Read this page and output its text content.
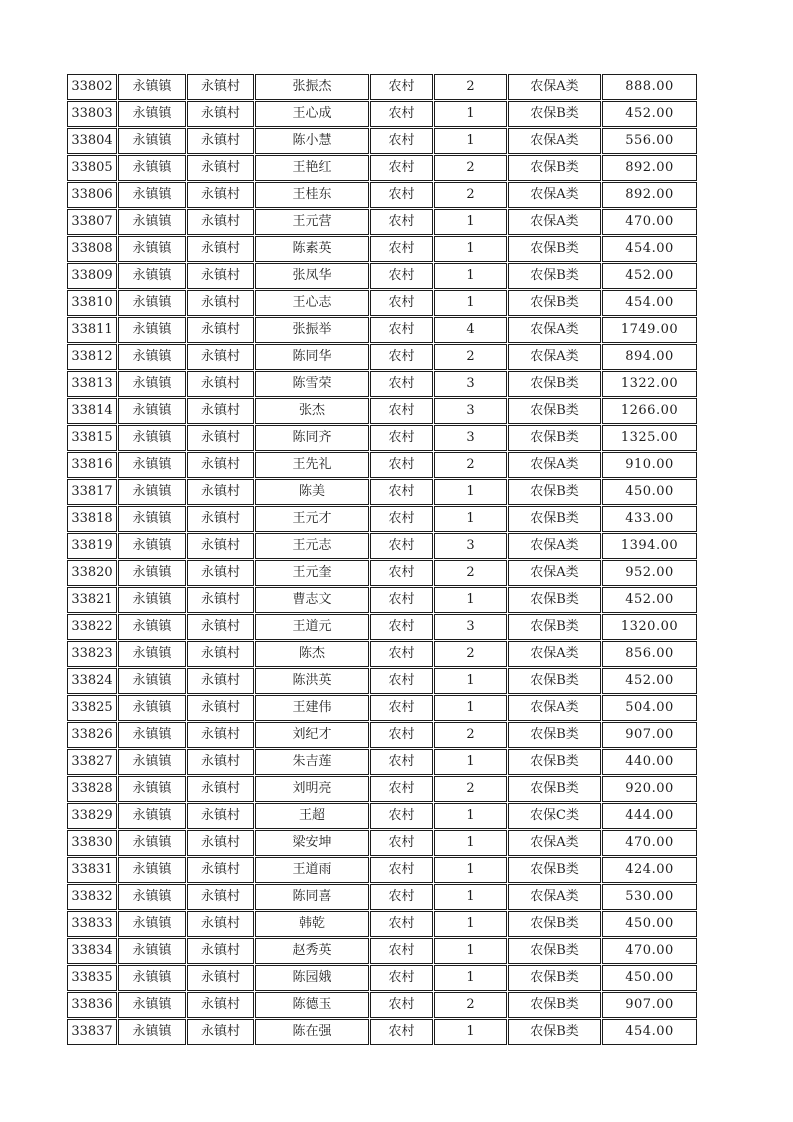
33802	永镇镇	永镇村	张振杰	农村	2	农保A类	888.00
33803	永镇镇	永镇村	王心成	农村	1	农保B类	452.00
33804	永镇镇	永镇村	陈小慧	农村	1	农保A类	556.00
33805	永镇镇	永镇村	王艳红	农村	2	农保B类	892.00
33806	永镇镇	永镇村	王桂东	农村	2	农保A类	892.00
33807	永镇镇	永镇村	王元营	农村	1	农保A类	470.00
33808	永镇镇	永镇村	陈素英	农村	1	农保B类	454.00
33809	永镇镇	永镇村	张凤华	农村	1	农保B类	452.00
33810	永镇镇	永镇村	王心志	农村	1	农保B类	454.00
33811	永镇镇	永镇村	张振举	农村	4	农保A类	1749.00
33812	永镇镇	永镇村	陈同华	农村	2	农保A类	894.00
33813	永镇镇	永镇村	陈雪荣	农村	3	农保B类	1322.00
33814	永镇镇	永镇村	张杰	农村	3	农保B类	1266.00
33815	永镇镇	永镇村	陈同齐	农村	3	农保B类	1325.00
33816	永镇镇	永镇村	王先礼	农村	2	农保A类	910.00
33817	永镇镇	永镇村	陈美	农村	1	农保B类	450.00
33818	永镇镇	永镇村	王元才	农村	1	农保B类	433.00
33819	永镇镇	永镇村	王元志	农村	3	农保A类	1394.00
33820	永镇镇	永镇村	王元奎	农村	2	农保A类	952.00
33821	永镇镇	永镇村	曹志文	农村	1	农保B类	452.00
33822	永镇镇	永镇村	王道元	农村	3	农保B类	1320.00
33823	永镇镇	永镇村	陈杰	农村	2	农保A类	856.00
33824	永镇镇	永镇村	陈洪英	农村	1	农保B类	452.00
33825	永镇镇	永镇村	王建伟	农村	1	农保A类	504.00
33826	永镇镇	永镇村	刘纪才	农村	2	农保B类	907.00
33827	永镇镇	永镇村	朱吉莲	农村	1	农保B类	440.00
33828	永镇镇	永镇村	刘明亮	农村	2	农保B类	920.00
33829	永镇镇	永镇村	王超	农村	1	农保C类	444.00
33830	永镇镇	永镇村	梁安坤	农村	1	农保A类	470.00
33831	永镇镇	永镇村	王道雨	农村	1	农保B类	424.00
33832	永镇镇	永镇村	陈同喜	农村	1	农保A类	530.00
33833	永镇镇	永镇村	韩乾	农村	1	农保B类	450.00
33834	永镇镇	永镇村	赵秀英	农村	1	农保B类	470.00
33835	永镇镇	永镇村	陈园娥	农村	1	农保B类	450.00
33836	永镇镇	永镇村	陈德玉	农村	2	农保B类	907.00
33837	永镇镇	永镇村	陈在强	农村	1	农保B类	454.00
